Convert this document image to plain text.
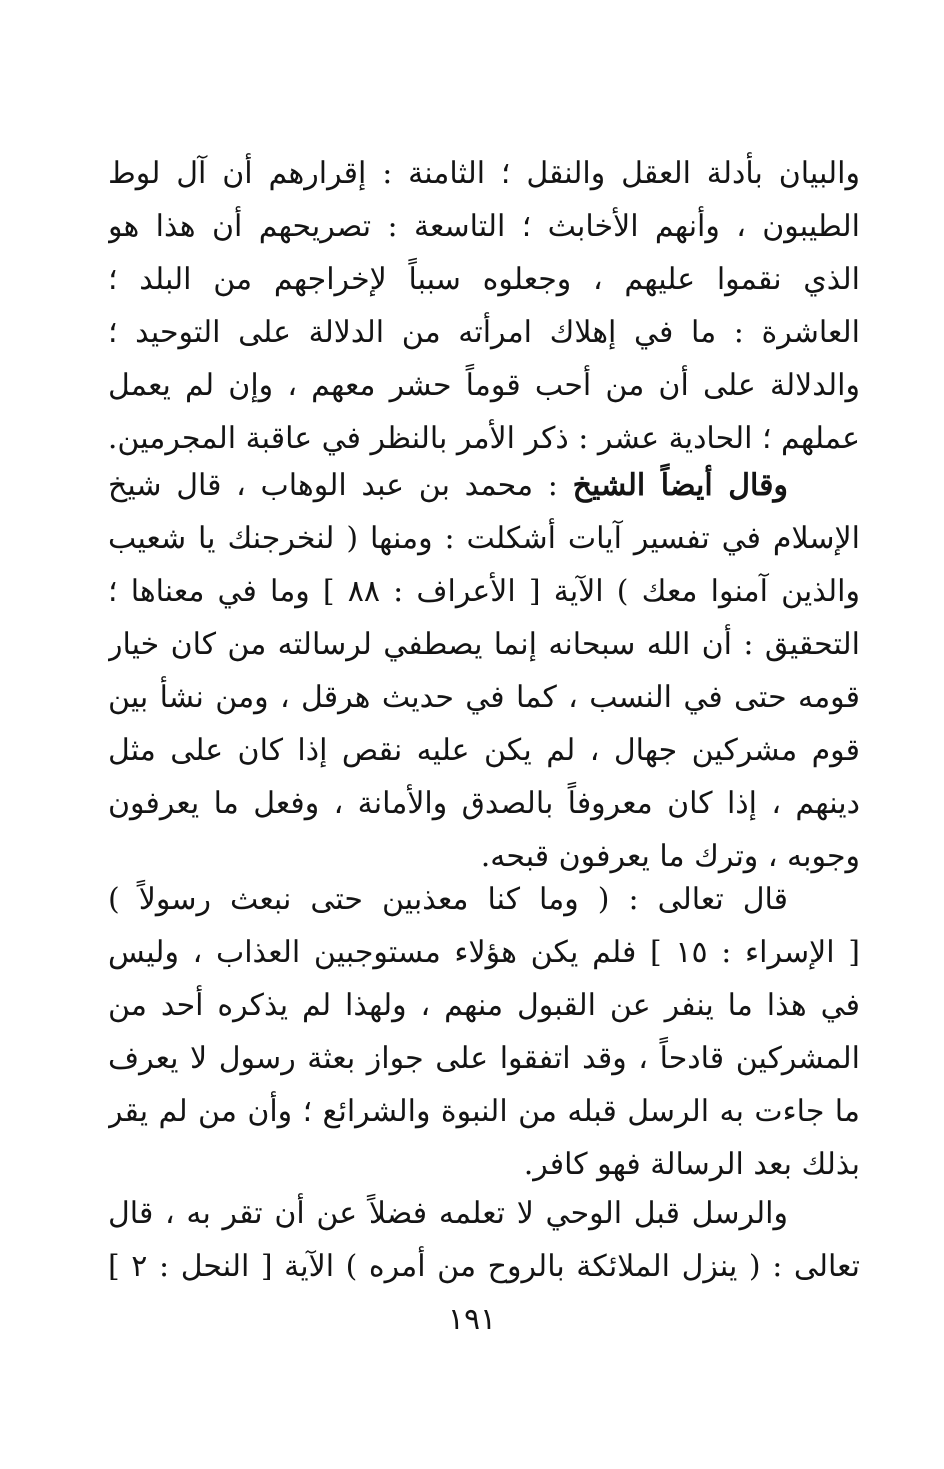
والبيان بأدلة العقل والنقل ؛ الثامنة : إقرارهم أن آل لوط
الطيبون ، وأنهم الأخابث ؛ التاسعة : تصريحهم أن هذا هو
الذي نقموا عليهم ، وجعلوه سبباً لإخراجهم من البلد ؛
العاشرة : ما في إهلاك امرأته من الدلالة على التوحيد ؛
والدلالة على أن من أحب قوماً حشر معهم ، وإن لم يعمل
عملهم ؛ الحادية عشر : ذكر الأمر بالنظر في عاقبة المجرمين.
وقال أيضاً الشيخ : محمد بن عبد الوهاب ، قال شيخ
الإسلام في تفسير آيات أشكلت : ومنها ( لنخرجنك يا شعيب
والذين آمنوا معك ) الآية [ الأعراف : ٨٨ ] وما في معناها ؛
التحقيق : أن الله سبحانه إنما يصطفي لرسالته من كان خيار
قومه حتى في النسب ، كما في حديث هرقل ، ومن نشأ بين
قوم مشركين جهال ، لم يكن عليه نقص إذا كان على مثل
دينهم ، إذا كان معروفاً بالصدق والأمانة ، وفعل ما يعرفون
وجوبه ، وترك ما يعرفون قبحه.
قال تعالى : ( وما كنا معذبين حتى نبعث رسولاً )
[ الإسراء : ١٥ ] فلم يكن هؤلاء مستوجبين العذاب ، وليس
في هذا ما ينفر عن القبول منهم ، ولهذا لم يذكره أحد من
المشركين قادحاً ، وقد اتفقوا على جواز بعثة رسول لا يعرف
ما جاءت به الرسل قبله من النبوة والشرائع ؛ وأن من لم يقر
بذلك بعد الرسالة فهو كافر.
والرسل قبل الوحي لا تعلمه فضلاً عن أن تقر به ، قال
تعالى : ( ينزل الملائكة بالروح من أمره ) الآية [ النحل : ٢ ]
١٩١
